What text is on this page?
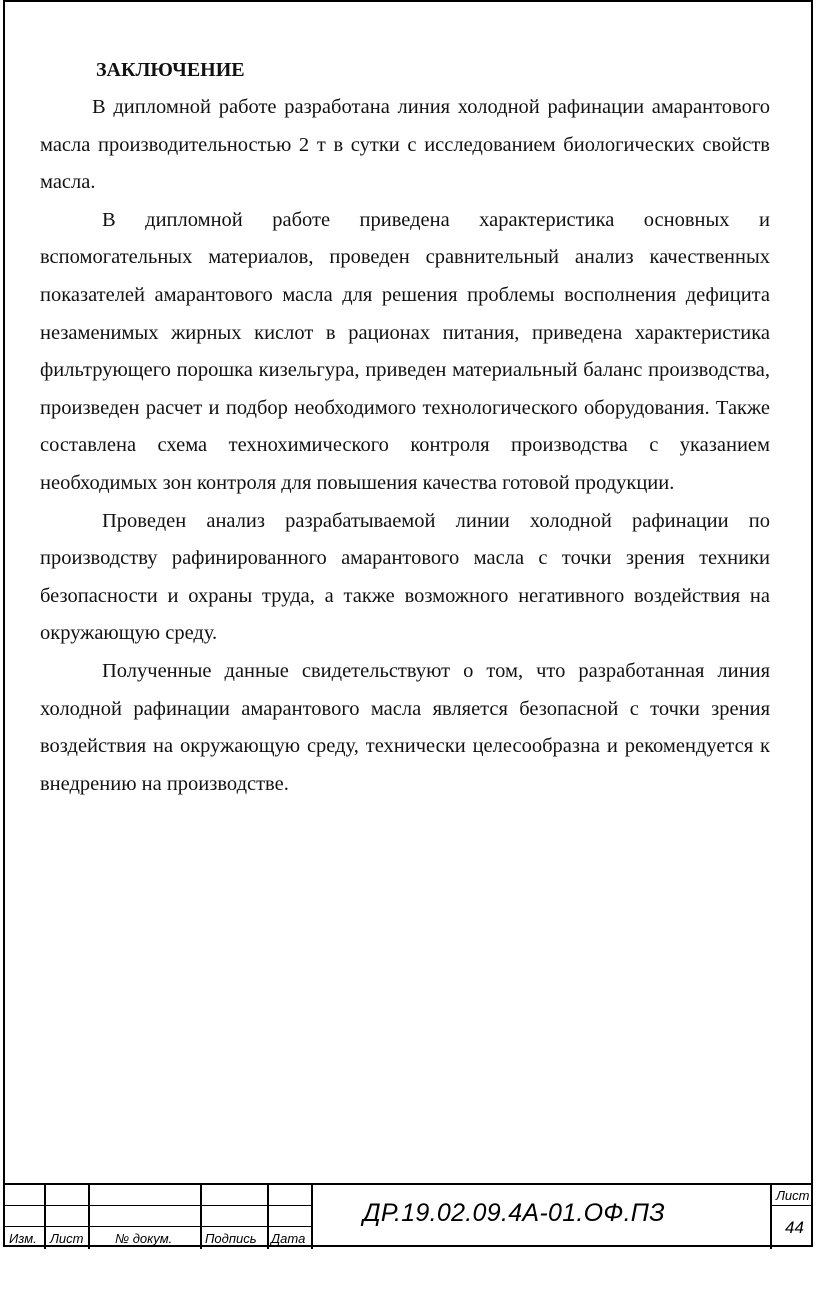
ЗАКЛЮЧЕНИЕ

В дипломной работе разработана линия холодной рафинации амарантового масла производительностью 2 т в сутки с исследованием биологических свойств масла.

В дипломной работе приведена характеристика основных и вспомогательных материалов, проведен сравнительный анализ качественных показателей амарантового масла для решения проблемы восполнения дефицита незаменимых жирных кислот в рационах питания, приведена характеристика фильтрующего порошка кизельгура, приведен материальный баланс производства, произведен расчет и подбор необходимого технологического оборудования. Также составлена схема технохимического контроля производства с указанием необходимых зон контроля для повышения качества готовой продукции.

Проведен анализ разрабатываемой линии холодной рафинации по производству рафинированного амарантового масла с точки зрения техники безопасности и охраны труда, а также возможного негативного воздействия на окружающую среду.

Полученные данные свидетельствуют о том, что разработанная линия холодной рафинации амарантового масла является безопасной с точки зрения воздействия на окружающую среду, технически целесообразна и рекомендуется к внедрению на производстве.

Изм. Лист № докум.	Подпись Дата
ДР.19.02.09.4А-01.ОФ.ПЗ
Лист
44
